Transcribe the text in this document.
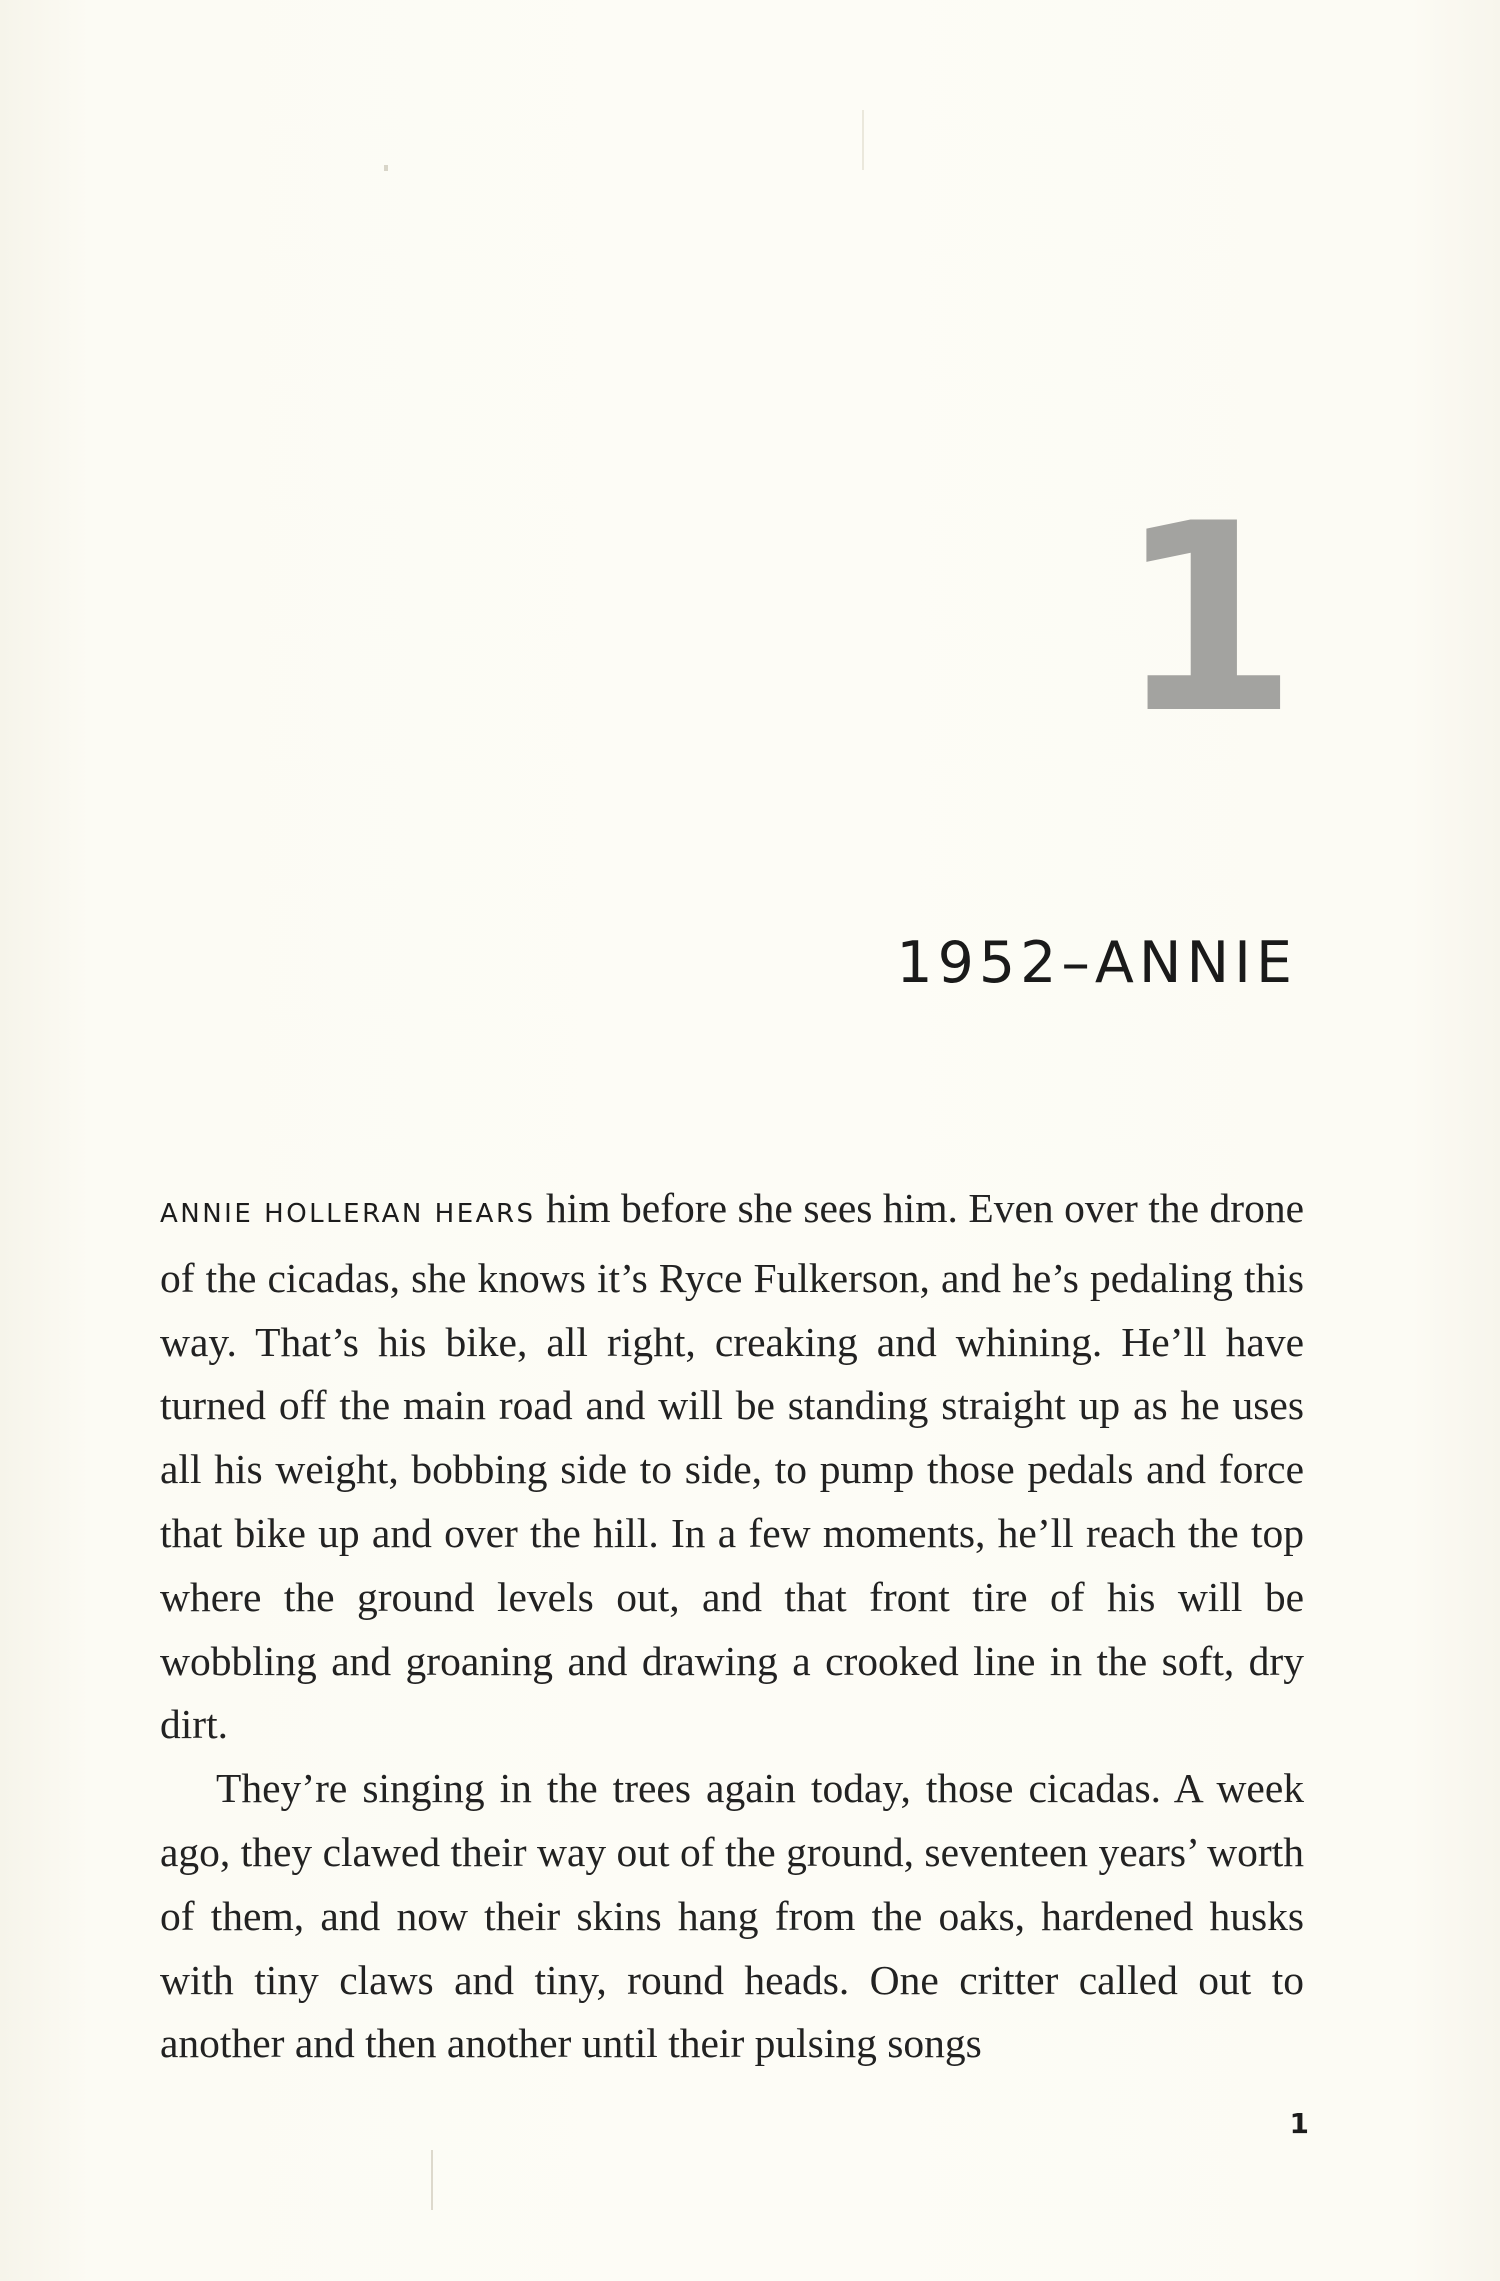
1
1952–ANNIE

ANNIE HOLLERAN HEARS him before she sees him. Even over the drone of the cicadas, she knows it’s Ryce Fulkerson, and he’s pedaling this way. That’s his bike, all right, creaking and whining. He’ll have turned off the main road and will be standing straight up as he uses all his weight, bobbing side to side, to pump those pedals and force that bike up and over the hill. In a few moments, he’ll reach the top where the ground levels out, and that front tire of his will be wobbling and groaning and drawing a crooked line in the soft, dry dirt.

They’re singing in the trees again today, those cicadas. A week ago, they clawed their way out of the ground, seventeen years’ worth of them, and now their skins hang from the oaks, hardened husks with tiny claws and tiny, round heads. One critter called out to another and then another until their pulsing songs

1
